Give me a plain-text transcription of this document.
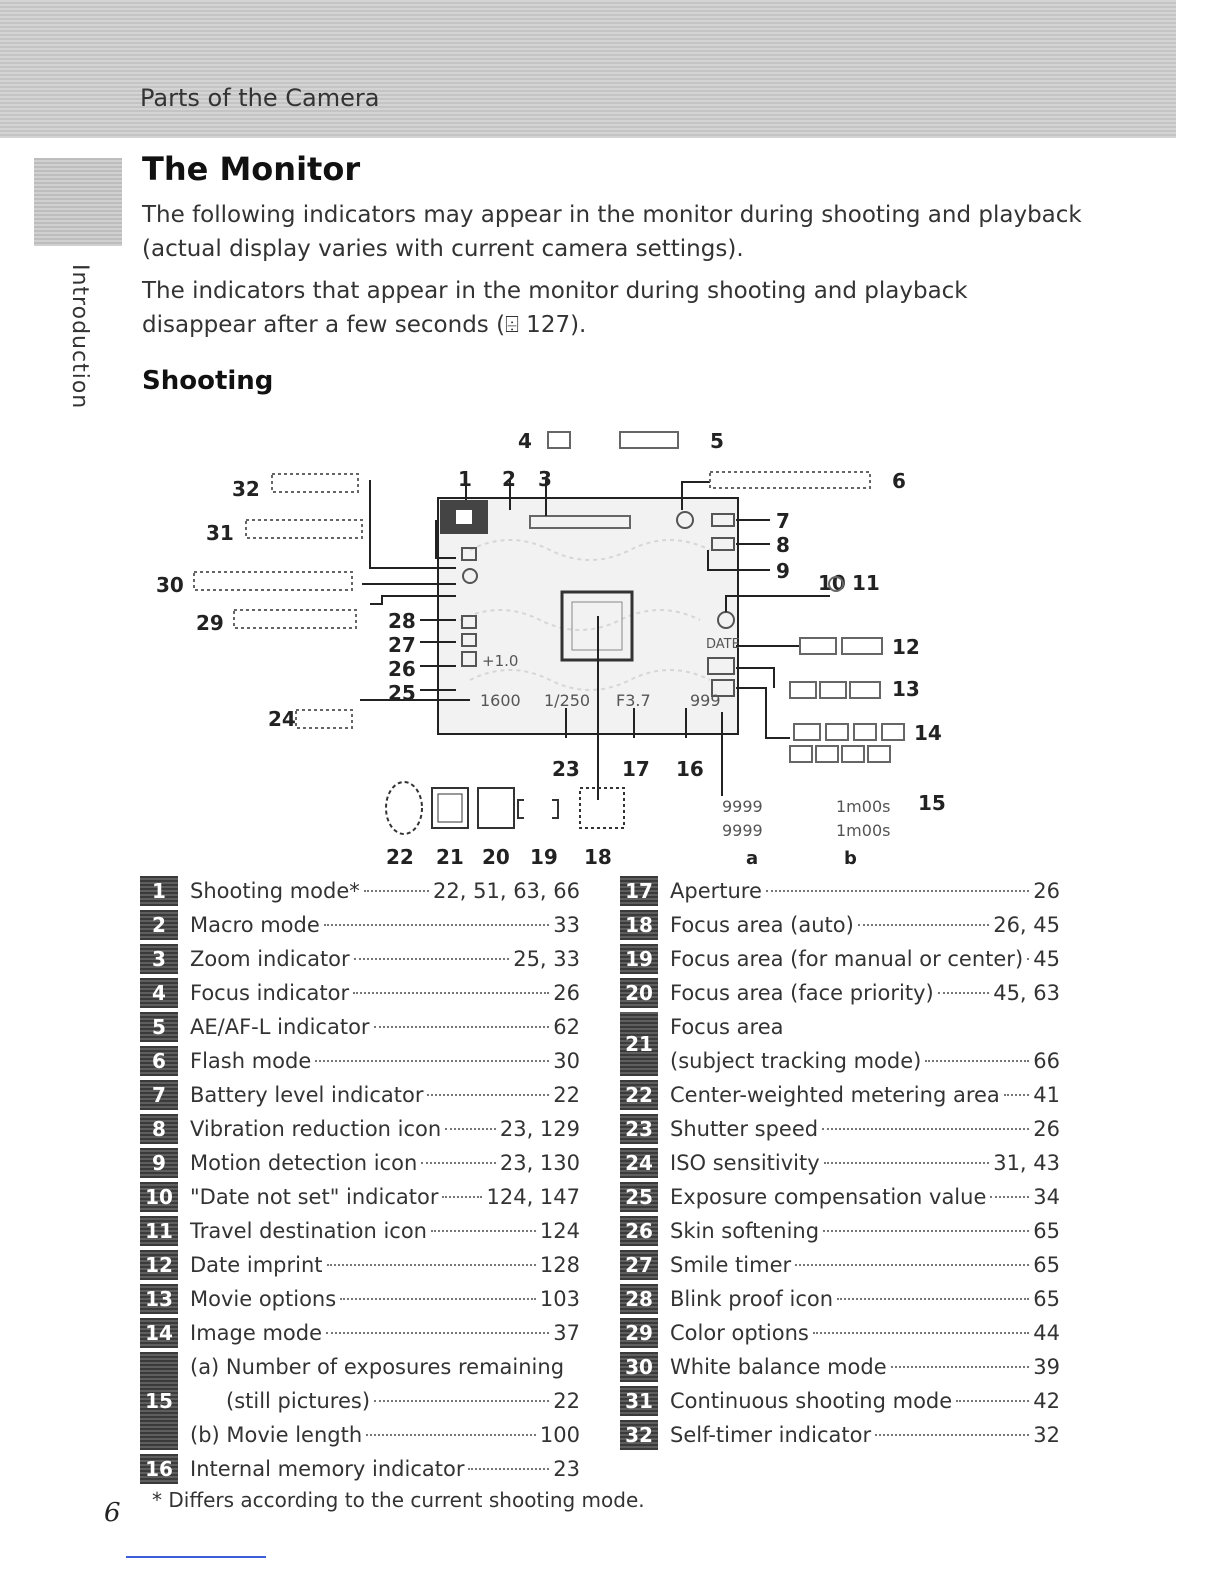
Parts of the Camera
Introduction
The Monitor

The following indicators may appear in the monitor during shooting and playback (actual display varies with current camera settings).

The indicators that appear in the monitor during shooting and playback disappear after a few seconds (⌹ 127).

Shooting
1600 1/250 F3.7 999
+1.0
DATE
4	5
1 2 3	6
7
8
9 10 11
12
13
14
15
16
17
23
32
31
30
29	28
27
26
25
24
22 21 20 19 18
9999
9999
1m00s
1m00s
a	b
1	Shooting mode*	22, 51, 63, 66
2	Macro mode	33
3	Zoom indicator	25, 33
4	Focus indicator	26
5	AE/AF-L indicator	62
6	Flash mode	30
7	Battery level indicator	22
8	Vibration reduction icon	23, 129
9	Motion detection icon	23, 130
10 "Date not set" indicator 124, 147
11 Travel destination icon	124
12 Date imprint	128
13 Movie options	103
14 Image mode	37
15
(a) Number of exposures remaining
(still pictures)	22
(b) Movie length	100
16 Internal memory indicator	23
17 Aperture	26
18 Focus area (auto)	26, 45
19 Focus area (for manual or center) 45
20 Focus area (face priority)	45, 63
21
Focus area
(subject tracking mode)	66
22 Center-weighted metering area 41
23 Shutter speed	26
24 ISO sensitivity	31, 43
25 Exposure compensation value 34
26 Skin softening	65
27 Smile timer	65
28 Blink proof icon	65
29 Color options	44
30 White balance mode	39
31 Continuous shooting mode	42
32 Self-timer indicator	32
* Differs according to the current shooting mode.
6
